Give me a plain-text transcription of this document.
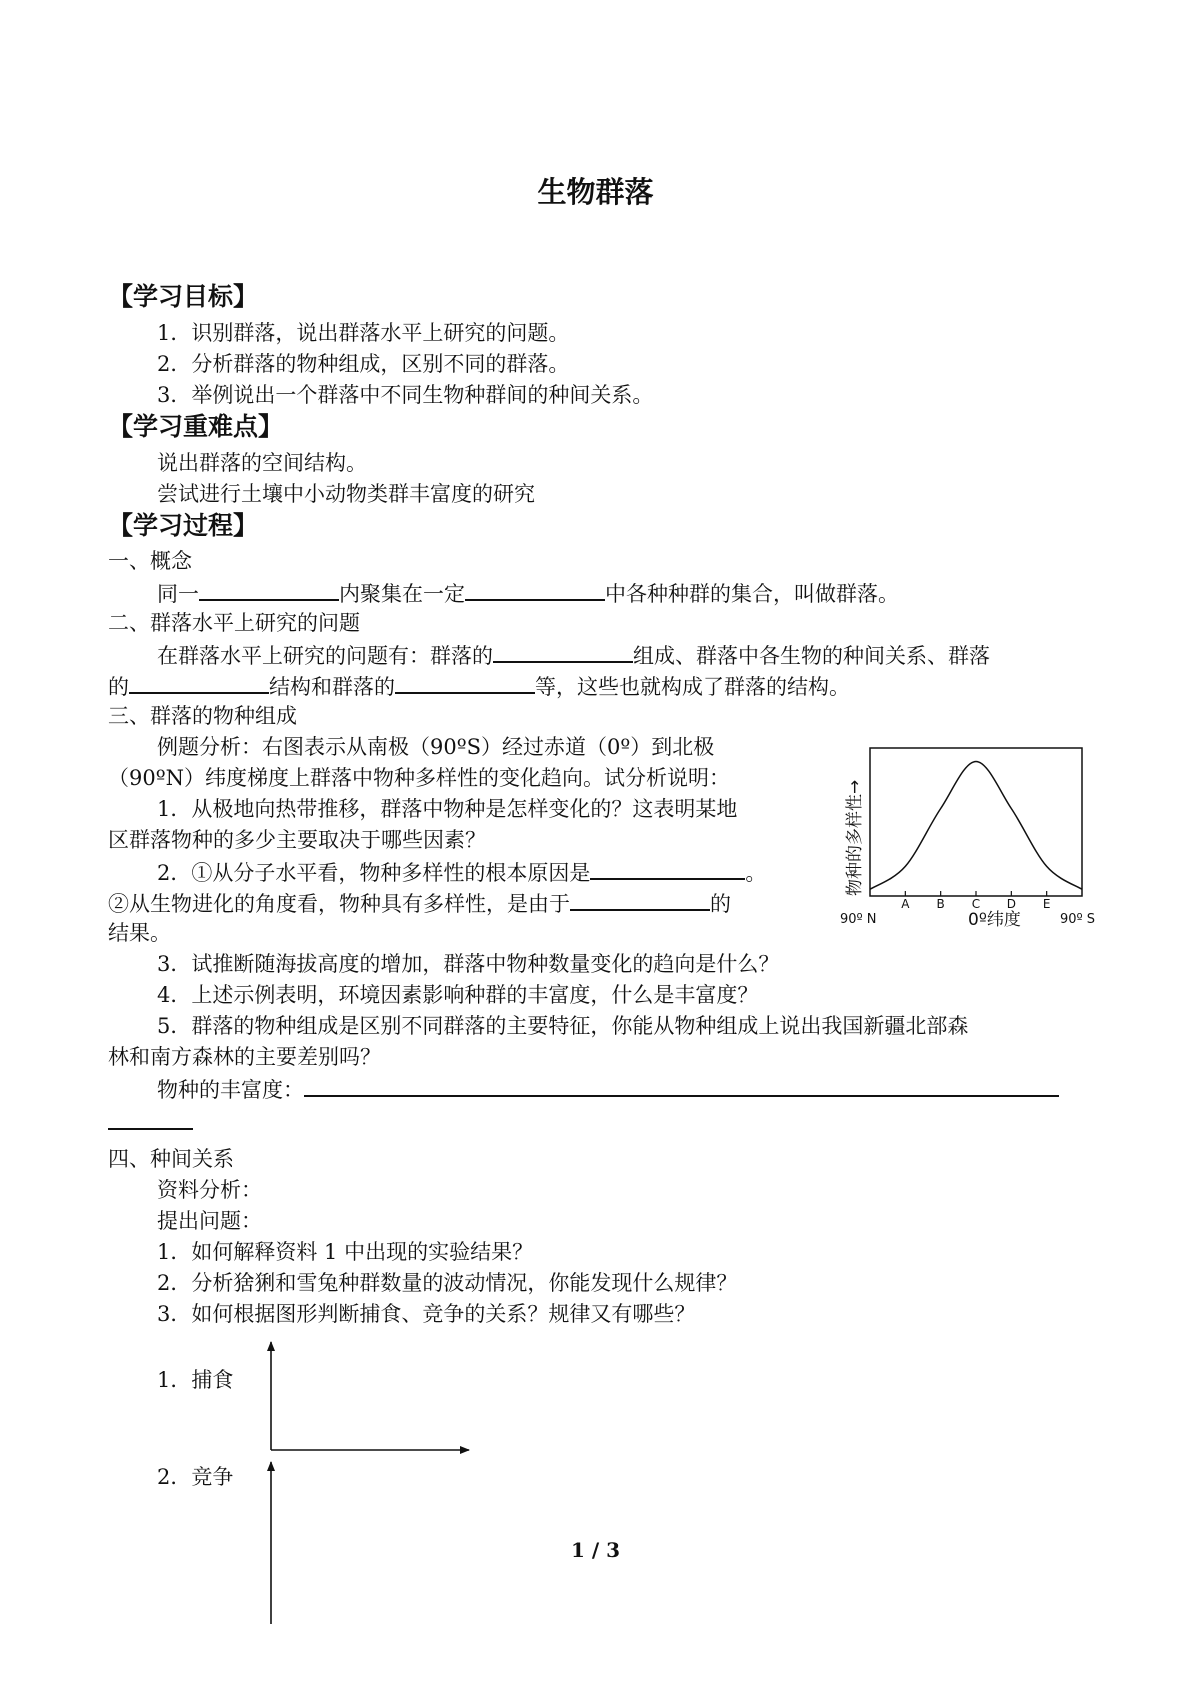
生物群落
【学习目标】
1．识别群落，说出群落水平上研究的问题。
2．分析群落的物种组成，区别不同的群落。
3．举例说出一个群落中不同生物种群间的种间关系。
【学习重难点】
说出群落的空间结构。
尝试进行土壤中小动物类群丰富度的研究
【学习过程】
一、概念
同一	内聚集在一定	中各种种群的集合，叫做群落。
二、群落水平上研究的问题
在群落水平上研究的问题有：群落的	组成、群落中各生物的种间关系、群落
的	结构和群落的	等，这些也就构成了群落的结构。
三、群落的物种组成
例题分析：右图表示从南极（90ºS）经过赤道（0º）到北极
（90ºN）纬度梯度上群落中物种多样性的变化趋向。试分析说明：
1．从极地向热带推移，群落中物种是怎样变化的？这表明某地
区群落物种的多少主要取决于哪些因素？
2．①从分子水平看，物种多样性的根本原因是	。
②从生物进化的角度看，物种具有多样性，是由于	的
结果。
3．试推断随海拔高度的增加，群落中物种数量变化的趋向是什么？
4．上述示例表明，环境因素影响种群的丰富度，什么是丰富度？
5．群落的物种组成是区别不同群落的主要特征，你能从物种组成上说出我国新疆北部森
林和南方森林的主要差别吗？
物种的丰富度：
A B C D E
物种的多样性→
90º N	0º纬度	90º S
四、种间关系
资料分析：
提出问题：
1．如何解释资料 1 中出现的实验结果？
2．分析猞猁和雪兔种群数量的波动情况，你能发现什么规律？
3．如何根据图形判断捕食、竞争的关系？规律又有哪些？
1．捕食
2．竞争
1 / 3
